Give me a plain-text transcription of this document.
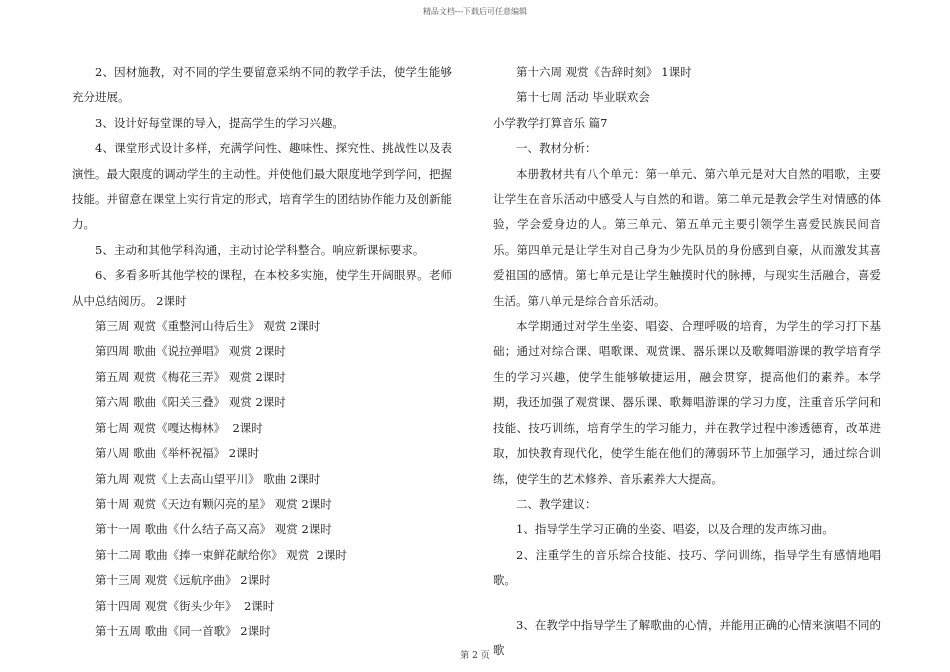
精品文档---下载后可任意编辑

2、因材施教，对不同的学生要留意采纳不同的教学手法，使学生能够充分进展。

3、设计好每堂课的导入，提高学生的学习兴趣。

4、课堂形式设计多样，充满学问性、趣味性、探究性、挑战性以及表演性。最大限度的调动学生的主动性。并使他们最大限度地学到学问，把握技能。并留意在课堂上实行肯定的形式，培育学生的团结协作能力及创新能力。

5、主动和其他学科沟通，主动讨论学科整合。响应新课标要求。

6、多看多听其他学校的课程，在本校多实施，使学生开阔眼界。老师从中总结阅历。 2课时

第三周 观赏《重整河山待后生》 观赏 2课时

第四周 歌曲《说拉弹唱》 观赏 2课时

第五周 观赏《梅花三弄》 观赏 2课时

第六周 歌曲《阳关三叠》 观赏 2课时

第七周 观赏《嘎达梅林》  2课时

第八周 歌曲《举杯祝福》 2课时

第九周 观赏《上去高山望平川》 歌曲 2课时

第十周 观赏《天边有颗闪亮的星》 观赏 2课时

第十一周 歌曲《什么结子高又高》 观赏 2课时

第十二周 歌曲《捧一束鲜花献给你》 观赏  2课时

第十三周 观赏《远航序曲》 2课时

第十四周 观赏《街头少年》  2课时

第十五周 歌曲《同一首歌》 2课时

第十六周 观赏《告辞时刻》 1课时

第十七周 活动 毕业联欢会

小学教学打算音乐 篇7

一、教材分析：

本册教材共有八个单元：第一单元、第六单元是对大自然的唱歌，主要让学生在音乐活动中感受人与自然的和谐。第二单元是教会学生对情感的体验，学会爱身边的人。第三单元、第五单元主要引领学生喜爱民族民间音乐。第四单元是让学生对自己身为少先队员的身份感到自豪，从而激发其喜爱祖国的感情。第七单元是让学生触摸时代的脉搏，与现实生活融合，喜爱生活。第八单元是综合音乐活动。

本学期通过对学生坐姿、唱姿、合理呼吸的培育，为学生的学习打下基础；通过对综合课、唱歌课、观赏课、器乐课以及歌舞唱游课的教学培育学生的学习兴趣，使学生能够敏捷运用，融会贯穿，提高他们的素养。本学期，我还加强了观赏课、器乐课、歌舞唱游课的学习力度，注重音乐学问和技能、技巧训练，培育学生的学习能力，并在教学过程中渗透德育，改革进取，加快教育现代化，使学生能在他们的薄弱环节上加强学习，通过综合训练，使学生的艺术修养、音乐素养大大提高。

二、教学建议：

1、指导学生学习正确的坐姿、唱姿，以及合理的发声练习曲。

2、注重学生的音乐综合技能、技巧、学问训练，指导学生有感情地唱歌。

3、在教学中指导学生了解歌曲的心情，并能用正确的心情来演唱不同的歌

第 2 页
